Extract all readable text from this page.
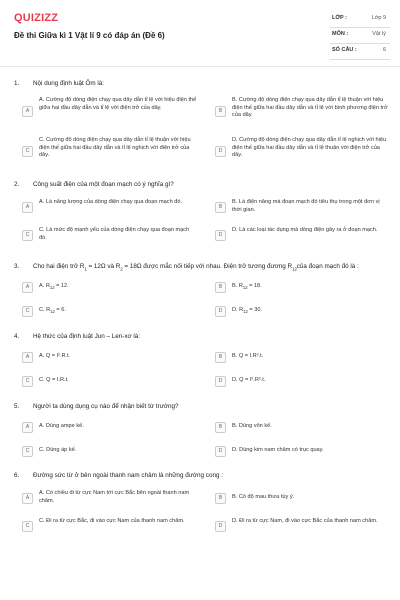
QUIZIZZ
Đề thi Giữa kì 1 Vật lí 9 có đáp án (Đề 6)
LỚP :	Lớp 9
MÔN :	Vật lý
SỐ CÂU :	6
1. Nội dung định luật Ôm là:
A
A. Cường độ dòng điện chạy qua dây dẫn tỉ lệ với hiệu điện thế giữa hai đầu dây dẫn và tỉ lệ với điện trở của dây.
B
B. Cường độ dòng điện chạy qua dây dẫn tỉ lệ thuận với hiệu điện thế giữa hai đầu dây dẫn và tỉ lệ với bình phương điện trở của dây.
C
C. Cường độ dòng điện chạy qua dây dẫn tỉ lệ thuận với hiệu điện thế giữa hai đầu dây dẫn và tỉ lệ nghịch với điện trở của dây.
D
D. Cường độ dòng điện chạy qua dây dẫn tỉ lệ nghịch với hiệu điện thế giữa hai đầu dây dẫn và tỉ lệ thuận với điện trở của dây.
2. Công suất điện của một đoạn mạch có ý nghĩa gì?
A
A. Là năng lượng của dòng điện chạy qua đoạn mạch đó.
B
B. Là điện năng mà đoạn mạch đó tiêu thụ trong một đơn vị thời gian.
C
C. Là mức độ mạnh yếu của dòng điện chạy qua đoạn mạch đó.	D
D. Là các loại tác dụng mà dòng điện gây ra ở đoạn mạch.
3. Cho hai điện trở $R_1 = 12\Omega$ và $R_2 = 18\Omega$ được mắc nối tiếp với nhau. Điện trở tương đương $R_{12}của$ đoạn mạch đó là :
A	A. $R_{12} = 12$.	B	B. $R_{12} = 18$.
C	C. $R_{12} = 6$.	D	D. $R_{12} = 30$.
4. Hệ thức của định luật Jun – Len-xơ là:
A	A. Q = I².R.t.	B	B. Q = I.R².t.
C	C. Q = I.R.t.	D	D. Q = I².R².t.
5. Người ta dùng dụng cụ nào để nhận biết từ trường?
A	A. Dùng ampe kế.	B	B. Dùng vôn kế.
C	C. Dùng áp kế.	D	D. Dùng kim nam châm có trục quay.
6. Đường sức từ ở bên ngoài thanh nam châm là những đường cong :
A
A. Có chiều đi từ cực Nam tới cực Bắc bên ngoài thanh nam châm.	B	B. Có độ mau thưa tùy ý.
C
C. Đi ra từ cực Bắc, đi vào cực Nam của thanh nam châm.
D
D. Đi ra từ cực Nam, đi vào cực Bắc của thanh nam châm.
